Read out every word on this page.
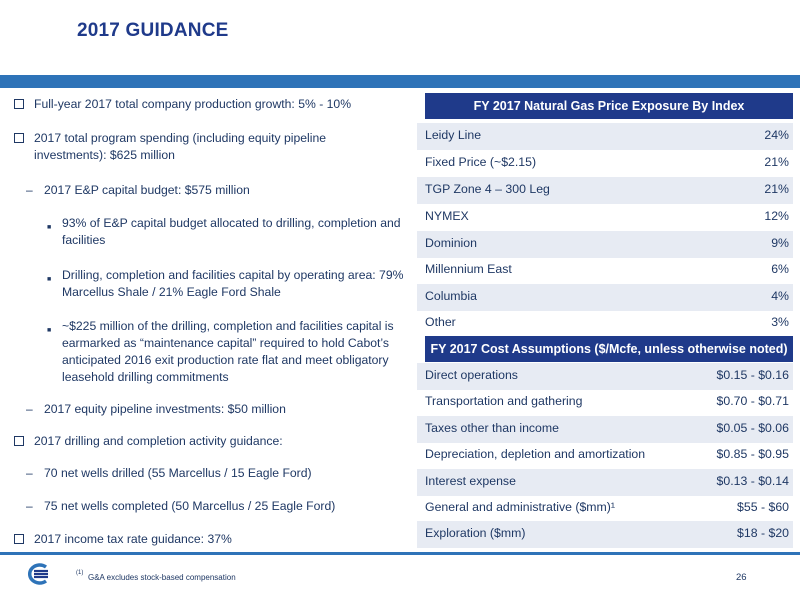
2017 GUIDANCE
Full-year 2017 total company production growth: 5% - 10%
2017 total program spending (including equity pipeline investments): $625 million
– 2017 E&P capital budget: $575 million
■ 93% of E&P capital budget allocated to drilling, completion and facilities
■ Drilling, completion and facilities capital by operating area: 79% Marcellus Shale / 21% Eagle Ford Shale
■ ~$225 million of the drilling, completion and facilities capital is earmarked as “maintenance capital” required to hold Cabot’s anticipated 2016 exit production rate flat and meet obligatory leasehold drilling commitments
– 2017 equity pipeline investments: $50 million
2017 drilling and completion activity guidance:
– 70 net wells drilled (55 Marcellus / 15 Eagle Ford)
– 75 net wells completed (50 Marcellus / 25 Eagle Ford)
2017 income tax rate guidance: 37%
FY 2017 Natural Gas Price Exposure By Index
Leidy Line	24%
Fixed Price (~$2.15)	21%
TGP Zone 4 – 300 Leg	21%
NYMEX	12%
Dominion	9%
Millennium East	6%
Columbia	4%
Other	3%
FY 2017 Cost Assumptions ($/Mcfe, unless otherwise noted)
Direct operations	$0.15 - $0.16
Transportation and gathering	$0.70 - $0.71
Taxes other than income	$0.05 - $0.06
Depreciation, depletion and amortization	$0.85 - $0.95
Interest expense	$0.13 - $0.14
General and administrative ($mm)¹	$55 - $60
Exploration ($mm)	$18 - $20
(1) G&A excludes stock-based compensation	26
